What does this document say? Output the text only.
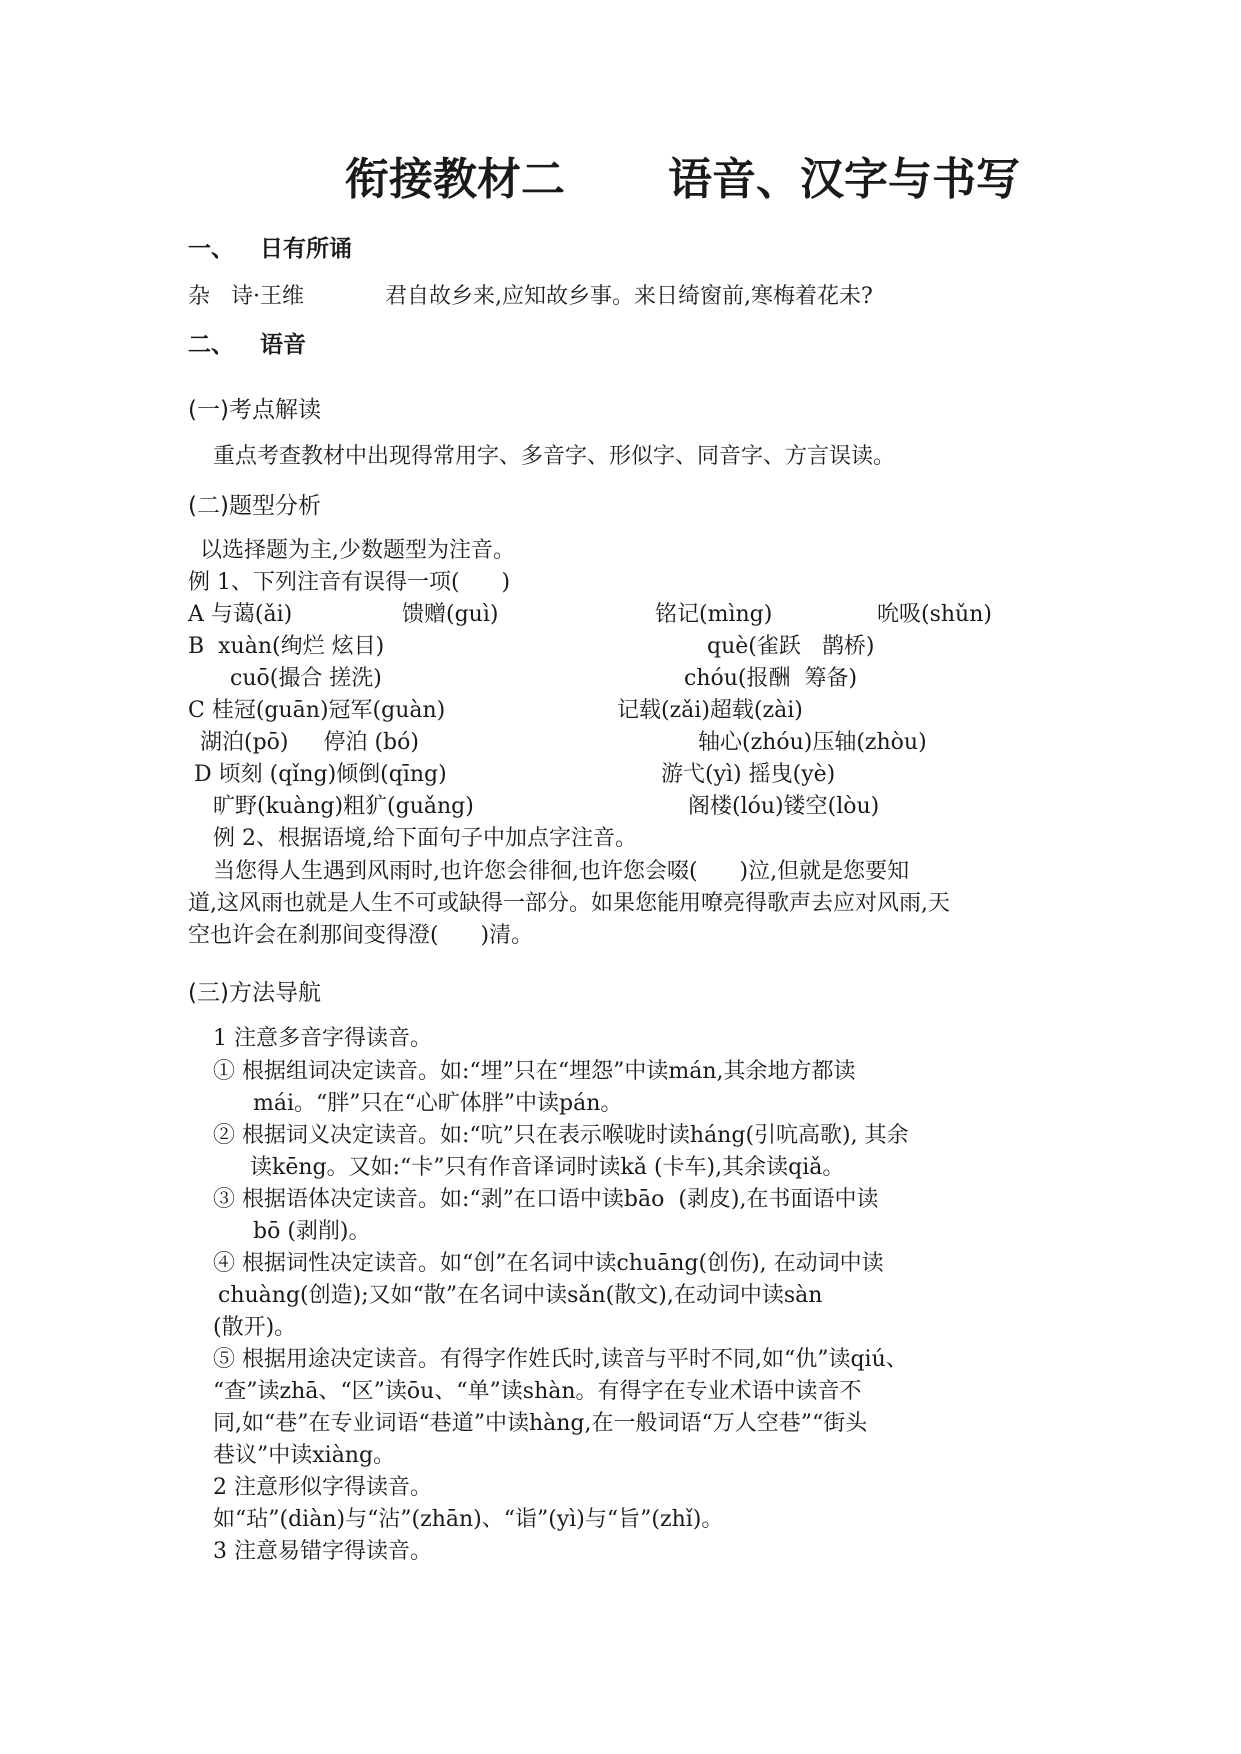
衔接教材二 语音、汉字与书写
一、 日有所诵
杂   诗·王维	君自故乡来,应知故乡事。来日绮窗前,寒梅着花未?
二、 语音
(一)考点解读
重点考查教材中出现得常用字、多音字、形似字、同音字、方言误读。
(二)题型分析
以选择题为主,少数题型为注音。
例 1、下列注音有误得一项(      )
A 与蔼(ǎi)	馈赠(guì)	铭记(mìng)	吮吸(shǔn)
B  xuàn(绚烂 炫目)	què(雀跃   鹊桥)
cuō(撮合 搓洗)	chóu(报酬  筹备)
C 桂冠(guān)冠军(guàn)	记载(zǎi)超载(zài)
湖泊(pō)     停泊 (bó)	轴心(zhóu)压轴(zhòu)
D 顷刻 (qǐng)倾倒(qīng)	游弋(yì) 摇曳(yè)
旷野(kuàng)粗犷(guǎng)	阁楼(lóu)镂空(lòu)
例 2、根据语境,给下面句子中加点字注音。
当您得人生遇到风雨时,也许您会徘徊,也许您会啜(      )泣,但就是您要知
道,这风雨也就是人生不可或缺得一部分。如果您能用嘹亮得歌声去应对风雨,天
空也许会在刹那间变得澄(      )清。
(三)方法导航
1 注意多音字得读音。
① 根据组词决定读音。如:“埋”只在“埋怨”中读mán,其余地方都读
mái。“胖”只在“心旷体胖”中读pán。
② 根据词义决定读音。如:“吭”只在表示喉咙时读háng(引吭高歌), 其余
读kēng。又如:“卡”只有作音译词时读kǎ (卡车),其余读qiǎ。
③ 根据语体决定读音。如:“剥”在口语中读bāo  (剥皮),在书面语中读
bō (剥削)。
④ 根据词性决定读音。如“创”在名词中读chuāng(创伤), 在动词中读
chuàng(创造);又如“散”在名词中读sǎn(散文),在动词中读sàn
(散开)。
⑤ 根据用途决定读音。有得字作姓氏时,读音与平时不同,如“仇”读qiú、
“查”读zhā、“区”读ōu、“单”读shàn。有得字在专业术语中读音不
同,如“巷”在专业词语“巷道”中读hàng,在一般词语“万人空巷”“街头
巷议”中读xiàng。
2 注意形似字得读音。
如“玷”(diàn)与“沾”(zhān)、“诣”(yì)与“旨”(zhǐ)。
3 注意易错字得读音。
